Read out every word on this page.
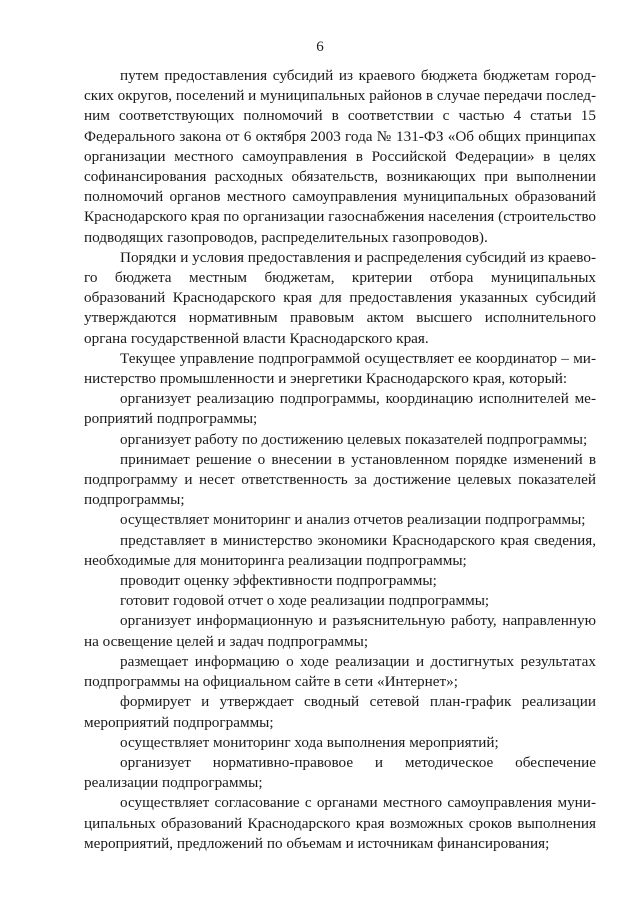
6

путем предоставления субсидий из краевого бюджета бюджетам городских округов, поселений и муниципальных районов в случае передачи последним соответствующих полномочий в соответствии с частью 4 статьи 15 Федерального закона от 6 октября 2003 года № 131-ФЗ «Об общих принципах организации местного самоуправления в Российской Федерации» в целях софинансирования расходных обязательств, возникающих при выполнении полномочий органов местного самоуправления муниципальных образований Краснодарского края по организации газоснабжения населения (строительство подводящих газопроводов, распределительных газопроводов).

Порядки и условия предоставления и распределения субсидий из краевого бюджета местным бюджетам, критерии отбора муниципальных образований Краснодарского края для предоставления указанных субсидий утверждаются нормативным правовым актом высшего исполнительного органа государственной власти Краснодарского края.

Текущее управление подпрограммой осуществляет ее координатор – министерство промышленности и энергетики Краснодарского края, который:

организует реализацию подпрограммы, координацию исполнителей мероприятий подпрограммы;

организует работу по достижению целевых показателей подпрограммы;

принимает решение о внесении в установленном порядке изменений в подпрограмму и несет ответственность за достижение целевых показателей подпрограммы;

осуществляет мониторинг и анализ отчетов реализации подпрограммы;

представляет в министерство экономики Краснодарского края сведения, необходимые для мониторинга реализации подпрограммы;

проводит оценку эффективности подпрограммы;

готовит годовой отчет о ходе реализации подпрограммы;

организует информационную и разъяснительную работу, направленную на освещение целей и задач подпрограммы;

размещает информацию о ходе реализации и достигнутых результатах подпрограммы на официальном сайте в сети «Интернет»;

формирует и утверждает сводный сетевой план-график реализации мероприятий подпрограммы;

осуществляет мониторинг хода выполнения мероприятий;

организует нормативно-правовое и методическое обеспечение реализации подпрограммы;

осуществляет согласование с органами местного самоуправления муниципальных образований Краснодарского края возможных сроков выполнения мероприятий, предложений по объемам и источникам финансирования;
